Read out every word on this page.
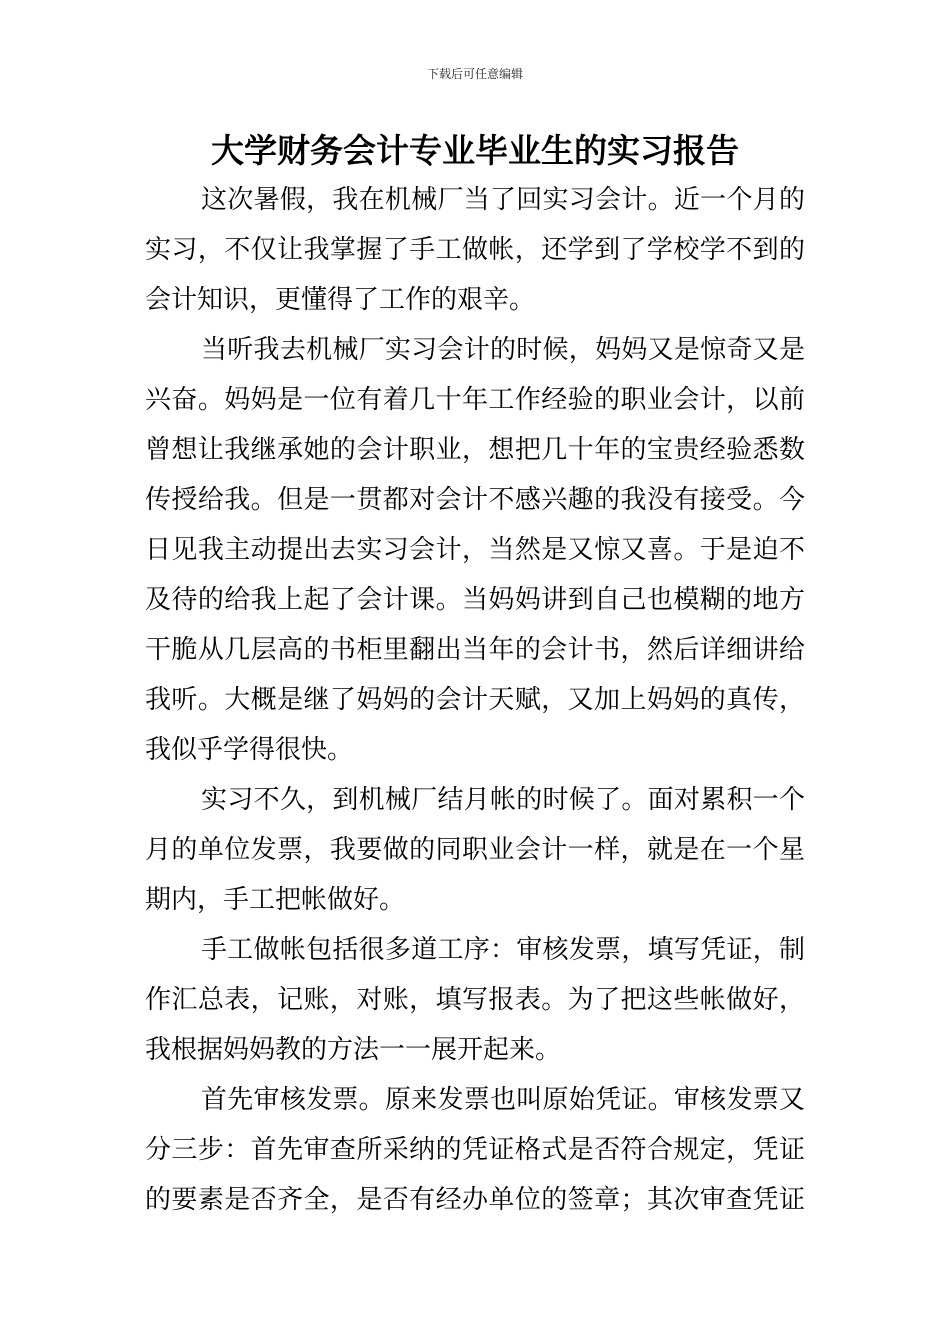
下载后可任意编辑
大学财务会计专业毕业生的实习报告

这次暑假，我在机械厂当了回实习会计。近一个月的
实习，不仅让我掌握了手工做帐，还学到了学校学不到的
会计知识，更懂得了工作的艰辛。

当听我去机械厂实习会计的时候，妈妈又是惊奇又是
兴奋。妈妈是一位有着几十年工作经验的职业会计，以前
曾想让我继承她的会计职业，想把几十年的宝贵经验悉数
传授给我。但是一贯都对会计不感兴趣的我没有接受。今
日见我主动提出去实习会计，当然是又惊又喜。于是迫不
及待的给我上起了会计课。当妈妈讲到自己也模糊的地方
干脆从几层高的书柜里翻出当年的会计书，然后详细讲给
我听。大概是继了妈妈的会计天赋，又加上妈妈的真传，
我似乎学得很快。

实习不久，到机械厂结月帐的时候了。面对累积一个
月的单位发票，我要做的同职业会计一样，就是在一个星
期内，手工把帐做好。

手工做帐包括很多道工序：审核发票，填写凭证，制
作汇总表，记账，对账，填写报表。为了把这些帐做好，
我根据妈妈教的方法一一展开起来。

首先审核发票。原来发票也叫原始凭证。审核发票又
分三步：首先审查所采纳的凭证格式是否符合规定，凭证
的要素是否齐全，是否有经办单位的签章；其次审查凭证
